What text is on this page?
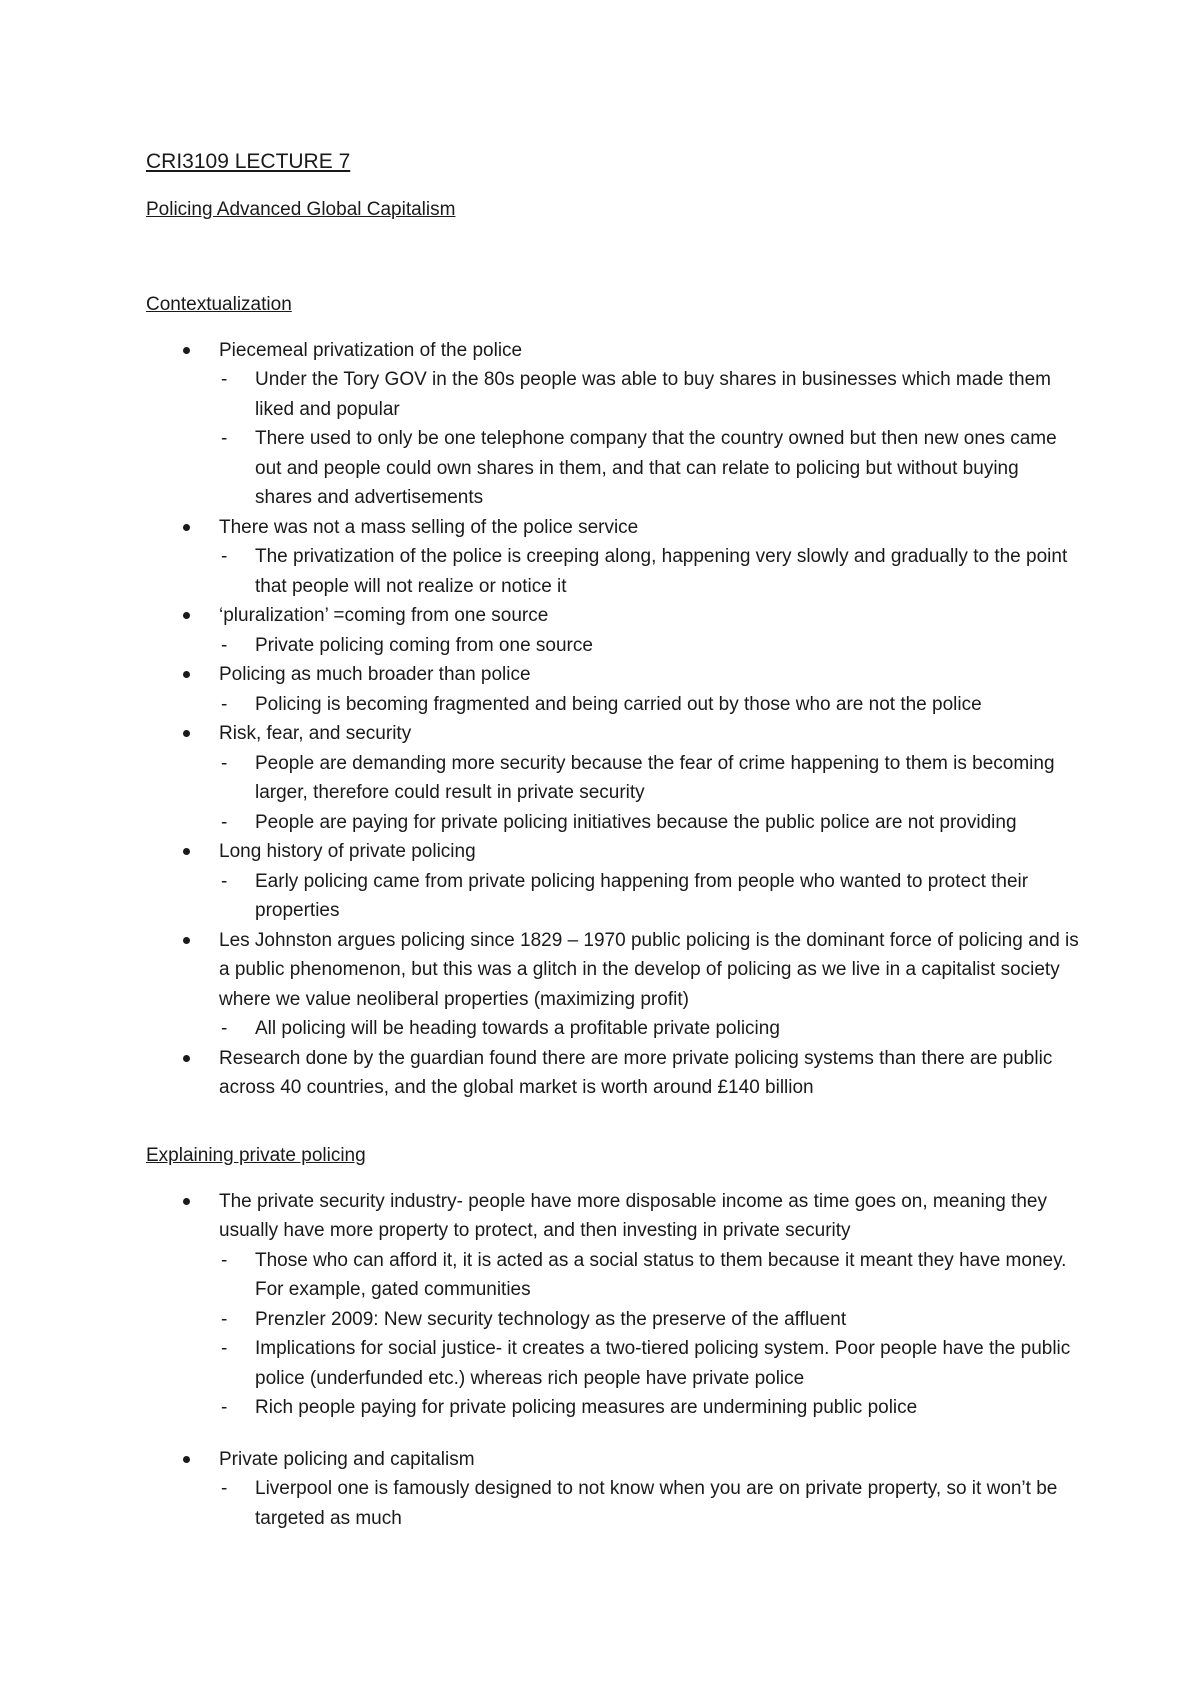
CRI3109 LECTURE 7
Policing Advanced Global Capitalism
Contextualization
Piecemeal privatization of the police
- Under the Tory GOV in the 80s people was able to buy shares in businesses which made them liked and popular
- There used to only be one telephone company that the country owned but then new ones came out and people could own shares in them, and that can relate to policing but without buying shares and advertisements
There was not a mass selling of the police service
- The privatization of the police is creeping along, happening very slowly and gradually to the point that people will not realize or notice it
‘pluralization’ =coming from one source
- Private policing coming from one source
Policing as much broader than police
- Policing is becoming fragmented and being carried out by those who are not the police
Risk, fear, and security
- People are demanding more security because the fear of crime happening to them is becoming larger, therefore could result in private security
- People are paying for private policing initiatives because the public police are not providing
Long history of private policing
- Early policing came from private policing happening from people who wanted to protect their properties
Les Johnston argues policing since 1829 – 1970 public policing is the dominant force of policing and is a public phenomenon, but this was a glitch in the develop of policing as we live in a capitalist society where we value neoliberal properties (maximizing profit)
- All policing will be heading towards a profitable private policing
Research done by the guardian found there are more private policing systems than there are public across 40 countries, and the global market is worth around £140 billion
Explaining private policing
The private security industry- people have more disposable income as time goes on, meaning they usually have more property to protect, and then investing in private security
- Those who can afford it, it is acted as a social status to them because it meant they have money. For example, gated communities
- Prenzler 2009: New security technology as the preserve of the affluent
- Implications for social justice- it creates a two-tiered policing system. Poor people have the public police (underfunded etc.) whereas rich people have private police
- Rich people paying for private policing measures are undermining public police
Private policing and capitalism
- Liverpool one is famously designed to not know when you are on private property, so it won’t be targeted as much
